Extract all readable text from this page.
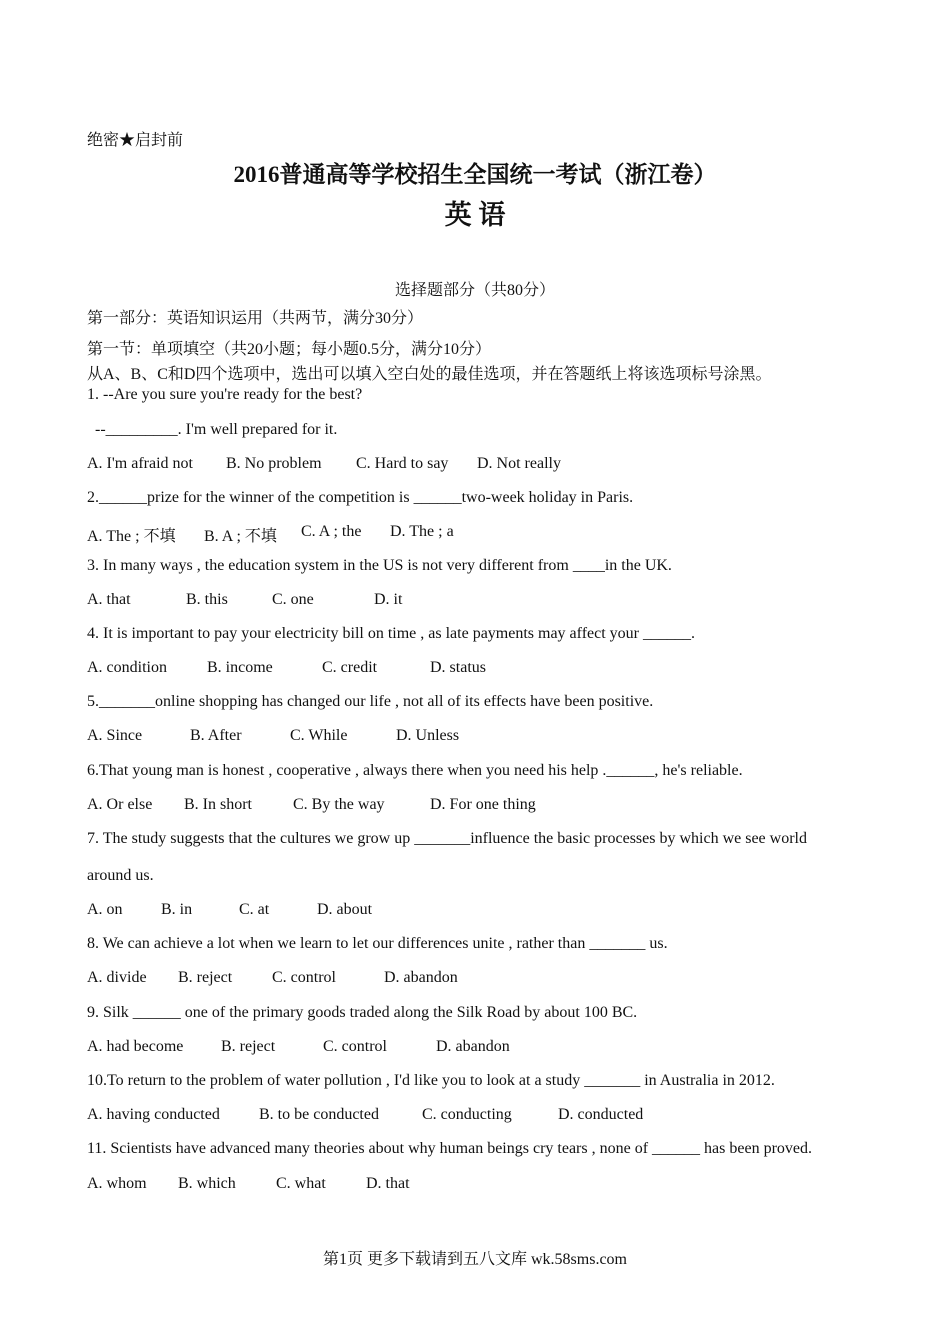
绝密★启封前
2016普通高等学校招生全国统一考试（浙江卷）
英 语
选择题部分（共80分）
第一部分：英语知识运用（共两节，满分30分）
第一节：单项填空（共20小题；每小题0.5分，满分10分）
从A、B、C和D四个选项中，选出可以填入空白处的最佳选项，并在答题纸上将该选项标号涂黑。
1. --Are you sure you're ready for the best?
--_________. I'm well prepared for it.
A. I'm afraid not B. No problem C. Hard to say D. Not really
2.______prize for the winner of the competition is ______two-week holiday in Paris.
A. The ; 不填 B. A ; 不填 C. A ; the D. The ; a
3. In many ways , the education system in the US is not very different from ____in the UK.
A. that	B. this	C. one	D. it
4. It is important to pay your electricity bill on time , as late payments may affect your ______.
A. condition	B. income	C. credit	D. status
5._______online shopping has changed our life , not all of its effects have been positive.
A. Since	B. After	C. While	D. Unless
6.That young man is honest , cooperative , always there when you need his help .______, he's reliable.
A. Or else B. In short	C. By the way	D. For one thing
7. The study suggests that the cultures we grow up _______influence the basic processes by which we see world
around us.
A. on B. in	C. at	D. about
8. We can achieve a lot when we learn to let our differences unite , rather than _______ us.
A. divide B. reject C. control	D. abandon
9. Silk ______ one of the primary goods traded along the Silk Road by about 100 BC.
A. had become B. reject	C. control	D. abandon
10.To return to the problem of water pollution , I'd like you to look at a study _______ in Australia in 2012.
A. having conducted B. to be conducted	C. conducting	D. conducted
11. Scientists have advanced many theories about why human beings cry tears , none of ______ has been proved.
A. whom B. which	C. what	D. that
第1页 更多下载请到五八文库 wk.58sms.com
